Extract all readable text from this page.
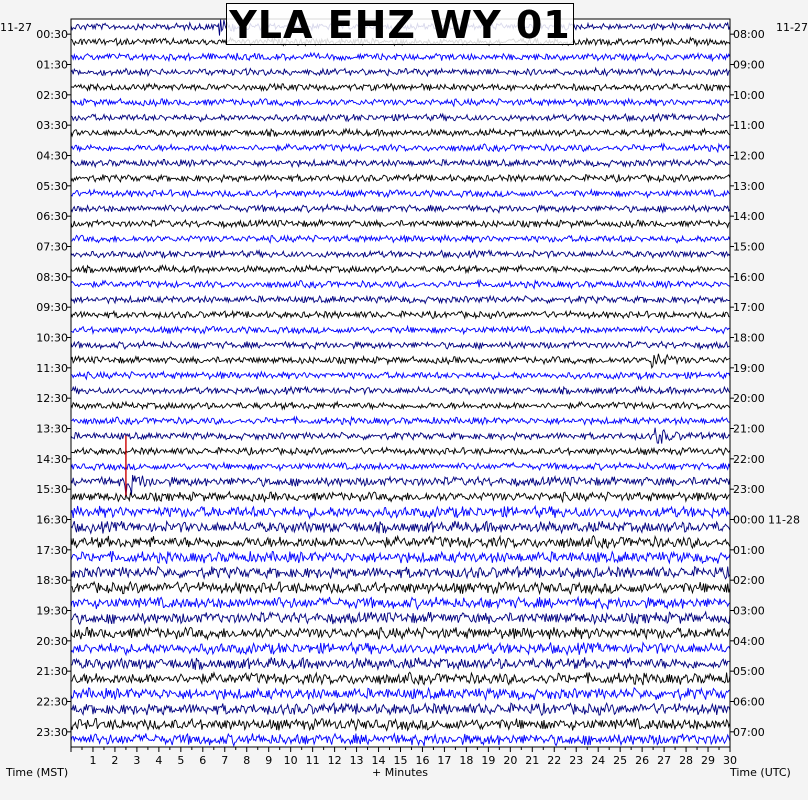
1 2 3 4 5 6 7 8 9 10 11 12 13 14 15 16 17 18 19 20 21 22 23 24 25 26 27 28 29 30
00:30	08:00
01:30	09:00
02:30	10:00
03:30	11:00
04:30	12:00
05:30	13:00
06:30	14:00
07:30	15:00
08:30	16:00
09:30	17:00
10:30	18:00
11:30	19:00
12:30	20:00
13:30	21:00
14:30	22:00
15:30	23:00
16:30	00:00 11-28
17:30	01:00
18:30	02:00
19:30	03:00
20:30	04:00
21:30	05:00
22:30	06:00
23:30	07:00
YLA EHZ WY 01
11-27	11-27
Time (MST)	+ Minutes	Time (UTC)
